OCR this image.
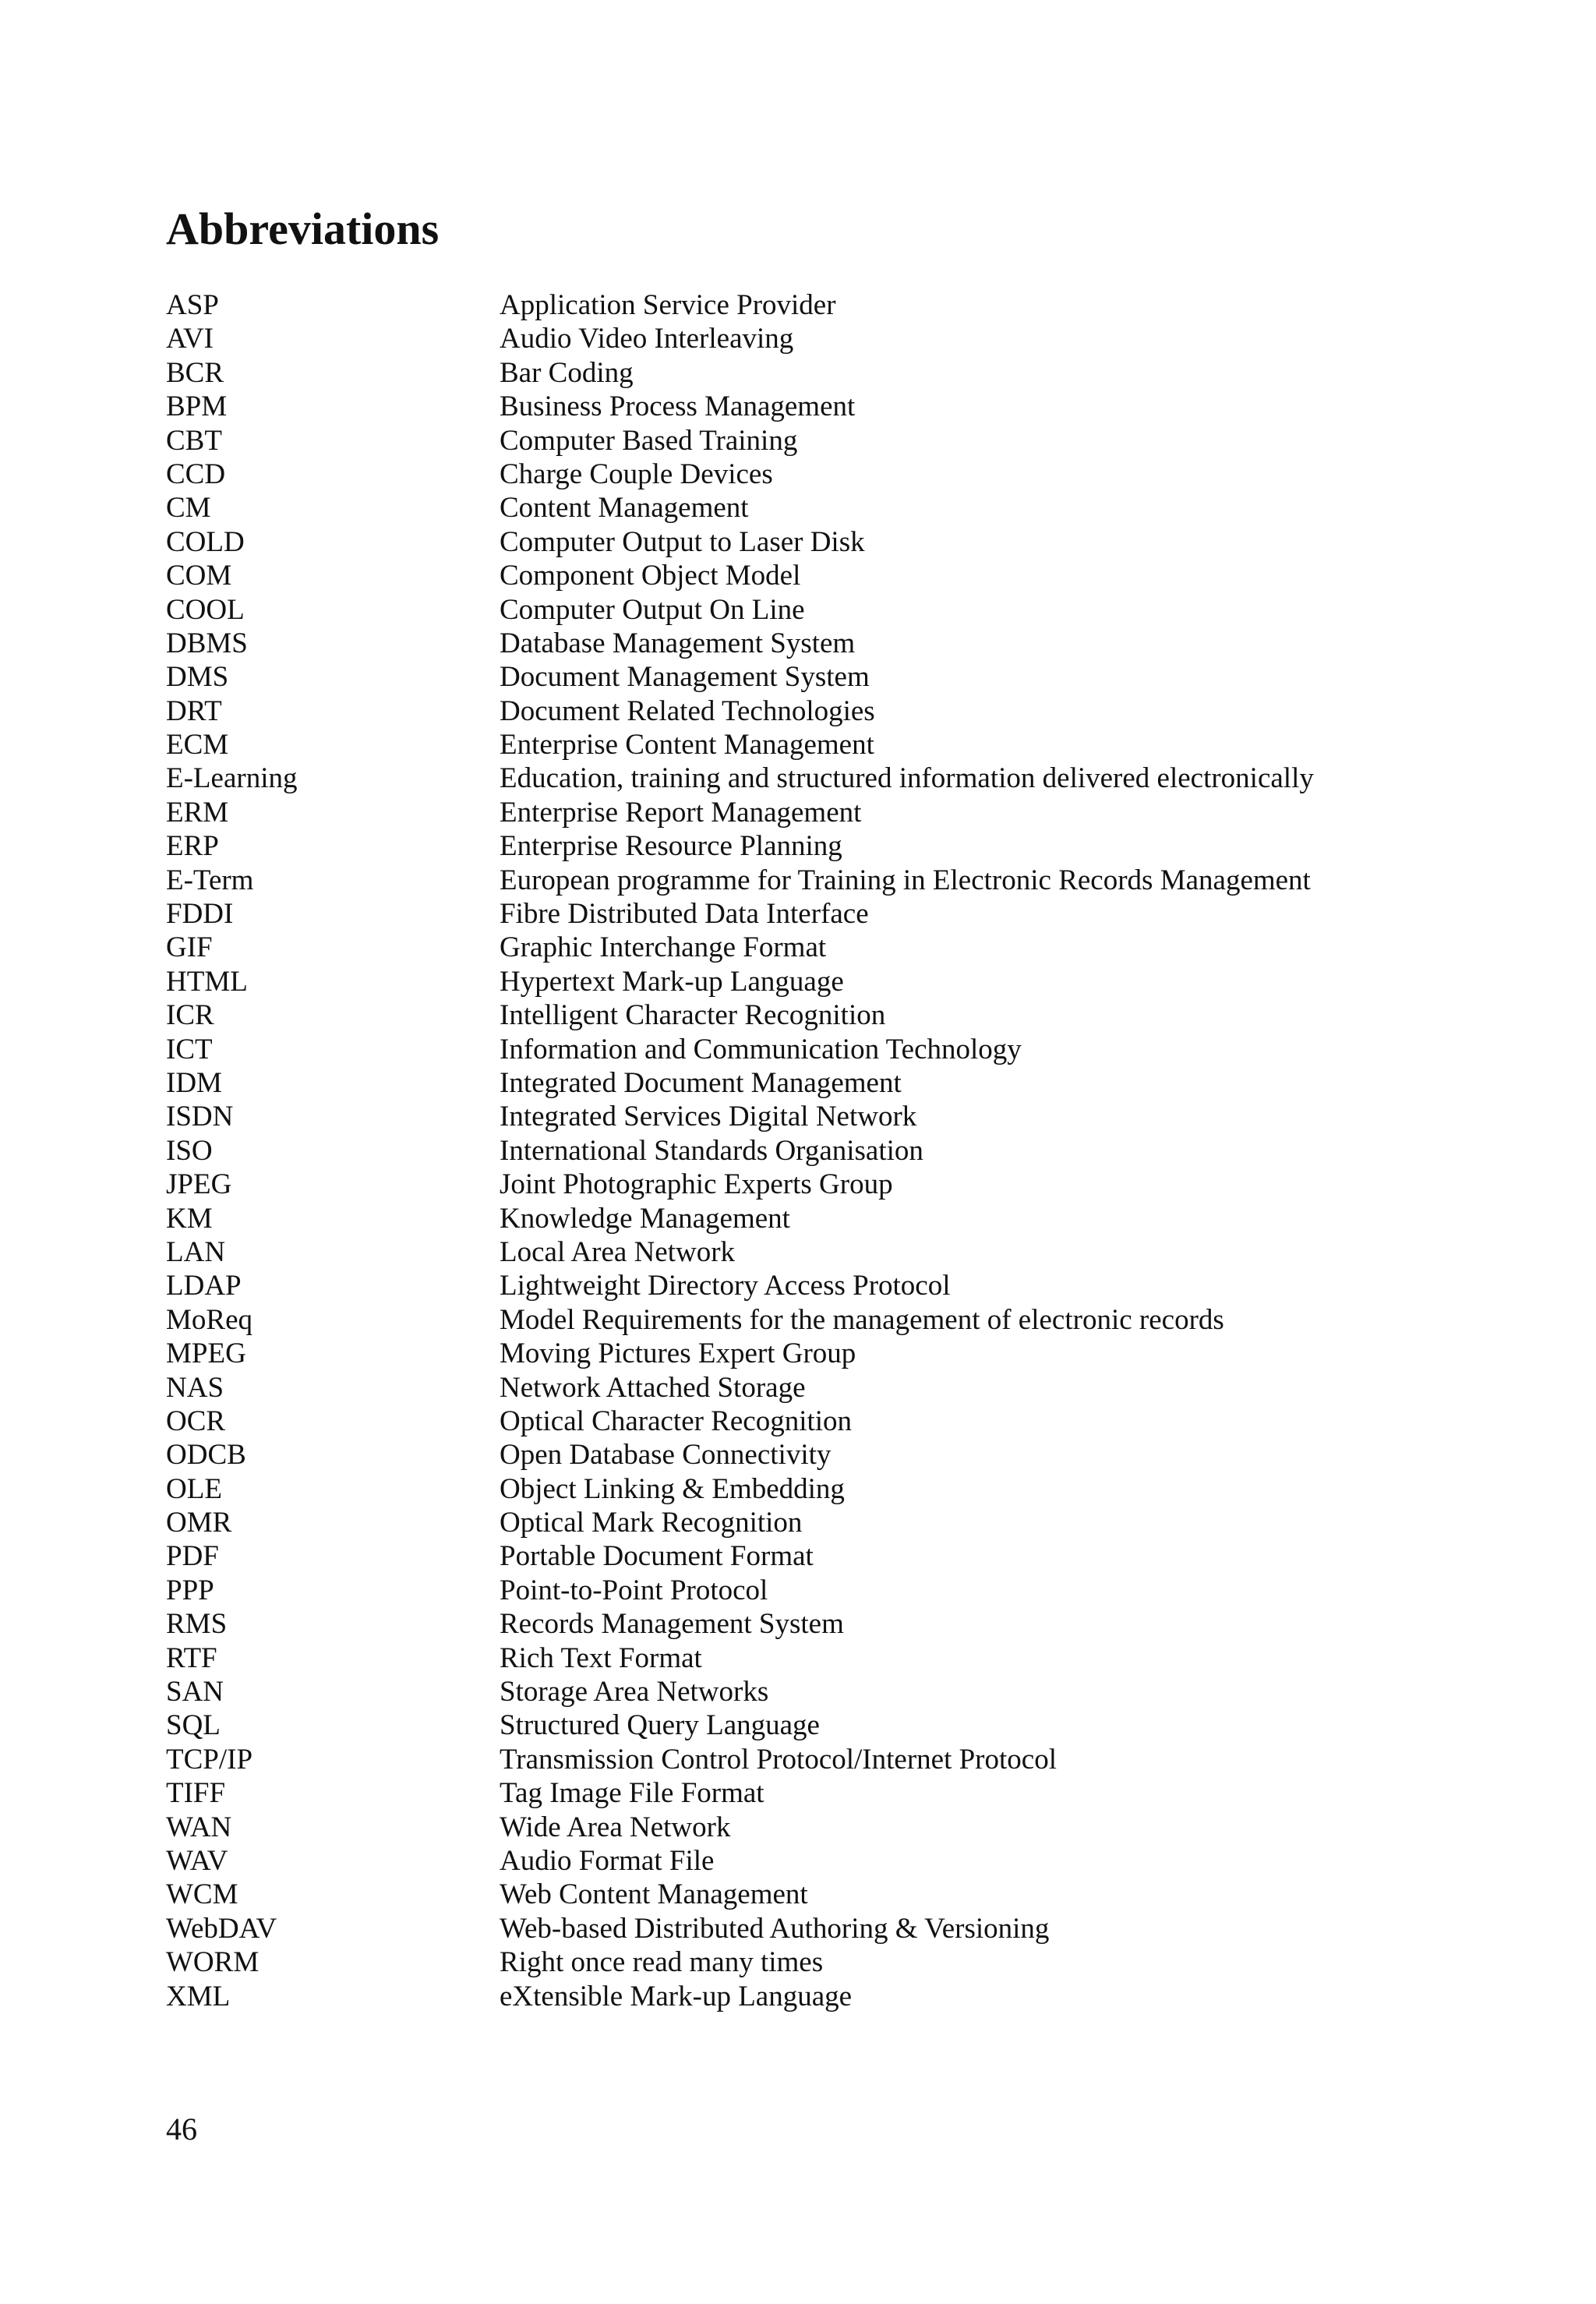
Abbreviations
ASP	Application Service Provider
AVI	Audio Video Interleaving
BCR	Bar Coding
BPM	Business Process Management
CBT	Computer Based Training
CCD	Charge Couple Devices
CM	Content Management
COLD	Computer Output to Laser Disk
COM	Component Object Model
COOL	Computer Output On Line
DBMS	Database Management System
DMS	Document Management System
DRT	Document Related Technologies
ECM	Enterprise Content Management
E-Learning	Education, training and structured information delivered electronically
ERM	Enterprise Report Management
ERP	Enterprise Resource Planning
E-Term	European programme for Training in Electronic Records Management
FDDI	Fibre Distributed Data Interface
GIF	Graphic Interchange Format
HTML	Hypertext Mark-up Language
ICR	Intelligent Character Recognition
ICT	Information and Communication Technology
IDM	Integrated Document Management
ISDN	Integrated Services Digital Network
ISO	International Standards Organisation
JPEG	Joint Photographic Experts Group
KM	Knowledge Management
LAN	Local Area Network
LDAP	Lightweight Directory Access Protocol
MoReq	Model Requirements for the management of electronic records
MPEG	Moving Pictures Expert Group
NAS	Network Attached Storage
OCR	Optical Character Recognition
ODCB	Open Database Connectivity
OLE	Object Linking & Embedding
OMR	Optical Mark Recognition
PDF	Portable Document Format
PPP	Point-to-Point Protocol
RMS	Records Management System
RTF	Rich Text Format
SAN	Storage Area Networks
SQL	Structured Query Language
TCP/IP	Transmission Control Protocol/Internet Protocol
TIFF	Tag Image File Format
WAN	Wide Area Network
WAV	Audio Format File
WCM	Web Content Management
WebDAV	Web-based Distributed Authoring & Versioning
WORM	Right once read many times
XML	eXtensible Mark-up Language
46
